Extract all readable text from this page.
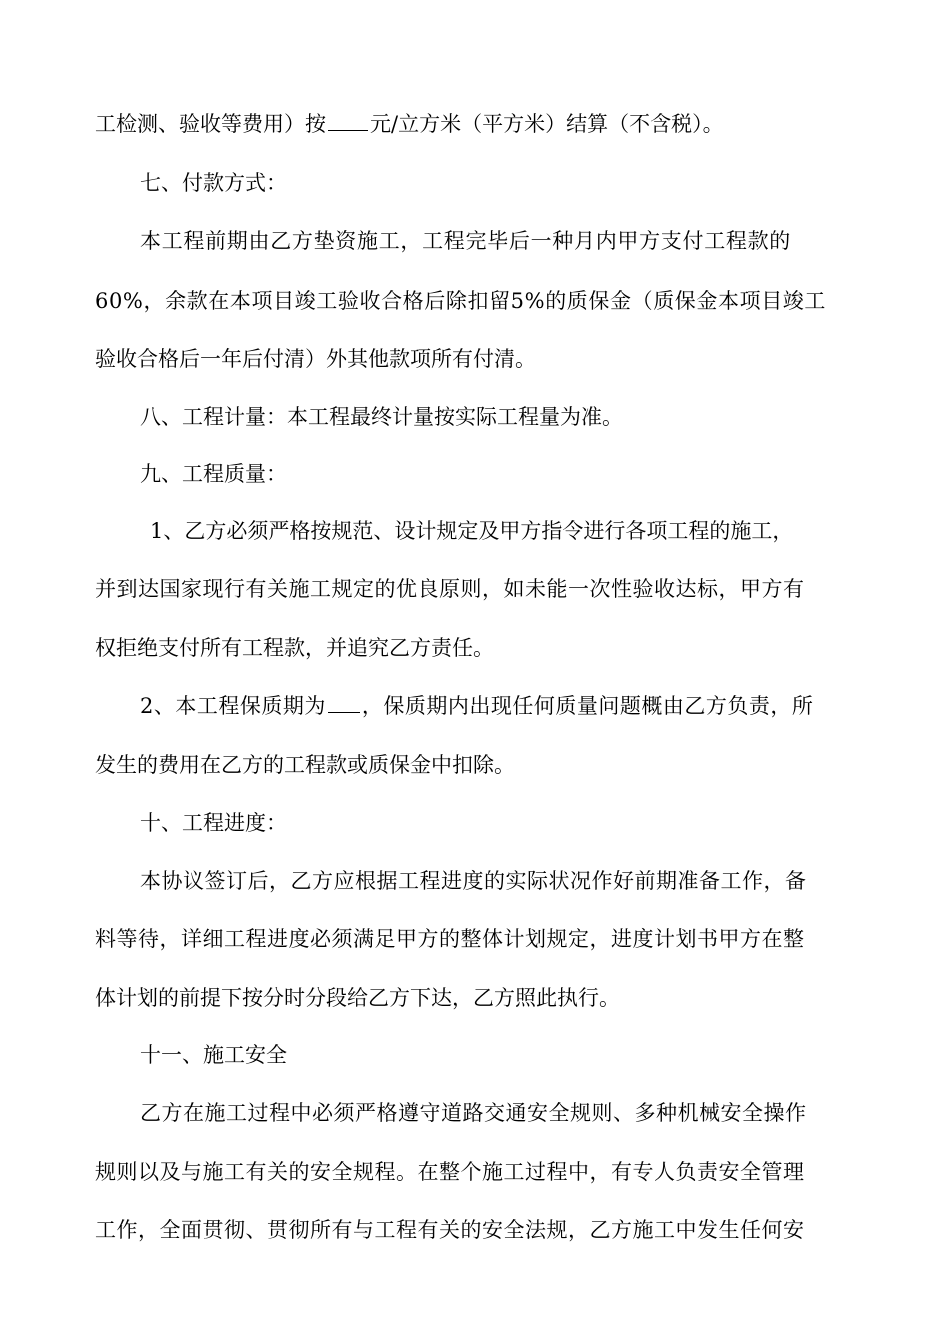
工检测、验收等费用）按 元/立方米（平方米）结算（不含税）。
七、付款方式：
本工程前期由乙方垫资施工，工程完毕后一种月内甲方支付工程款的
60%，余款在本项目竣工验收合格后除扣留5%的质保金（质保金本项目竣工
验收合格后一年后付清）外其他款项所有付清。
八、工程计量：本工程最终计量按实际工程量为准。
九、工程质量：
1、乙方必须严格按规范、设计规定及甲方指令进行各项工程的施工，
并到达国家现行有关施工规定的优良原则，如未能一次性验收达标，甲方有
权拒绝支付所有工程款，并追究乙方责任。
2、本工程保质期为 ，保质期内出现任何质量问题概由乙方负责，所
发生的费用在乙方的工程款或质保金中扣除。
十、工程进度：
本协议签订后，乙方应根据工程进度的实际状况作好前期准备工作，备
料等待，详细工程进度必须满足甲方的整体计划规定，进度计划书甲方在整
体计划的前提下按分时分段给乙方下达，乙方照此执行。
十一、施工安全
乙方在施工过程中必须严格遵守道路交通安全规则、多种机械安全操作
规则以及与施工有关的安全规程。在整个施工过程中，有专人负责安全管理
工作，全面贯彻、贯彻所有与工程有关的安全法规，乙方施工中发生任何安
